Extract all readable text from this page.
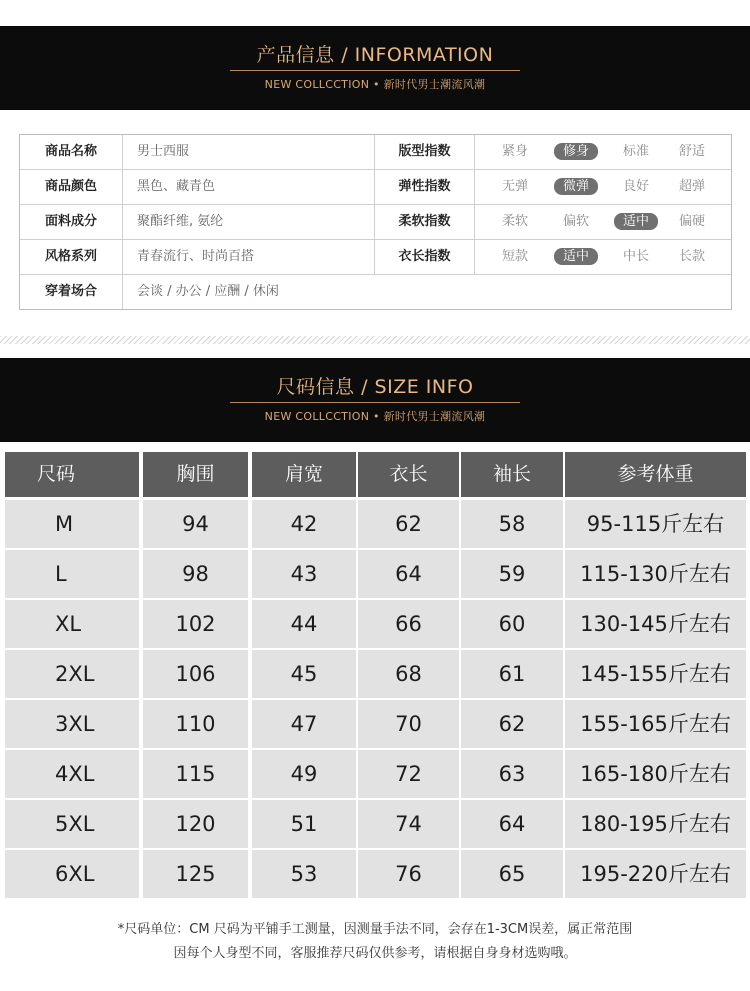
产品信息 / INFORMATION
NEW COLLCCTION • 新时代男士潮流风潮
商品名称	男士西服	版型指数	紧身	修身	标准	舒适
商品颜色	黑色、藏青色	弹性指数	无弹	微弹	良好	超弹
面料成分	聚酯纤维, 氨纶	柔软指数	柔软	偏软	适中	偏硬
风格系列	青春流行、时尚百搭	衣长指数	短款	适中	中长	长款
穿着场合	会谈 / 办公 / 应酬 / 休闲
尺码信息 / SIZE INFO
NEW COLLCCTION • 新时代男士潮流风潮
尺码	胸围	肩宽	衣长	袖长	参考体重
M	94	42	62	58	95-115斤左右
L	98	43	64	59	115-130斤左右
XL	102	44	66	60	130-145斤左右
2XL	106	45	68	61	145-155斤左右
3XL	110	47	70	62	155-165斤左右
4XL	115	49	72	63	165-180斤左右
5XL	120	51	74	64	180-195斤左右
6XL	125	53	76	65	195-220斤左右
*尺码单位：CM 尺码为平铺手工测量，因测量手法不同，会存在1-3CM误差，属正常范围
因每个人身型不同，客服推荐尺码仅供参考，请根据自身身材选购哦。
